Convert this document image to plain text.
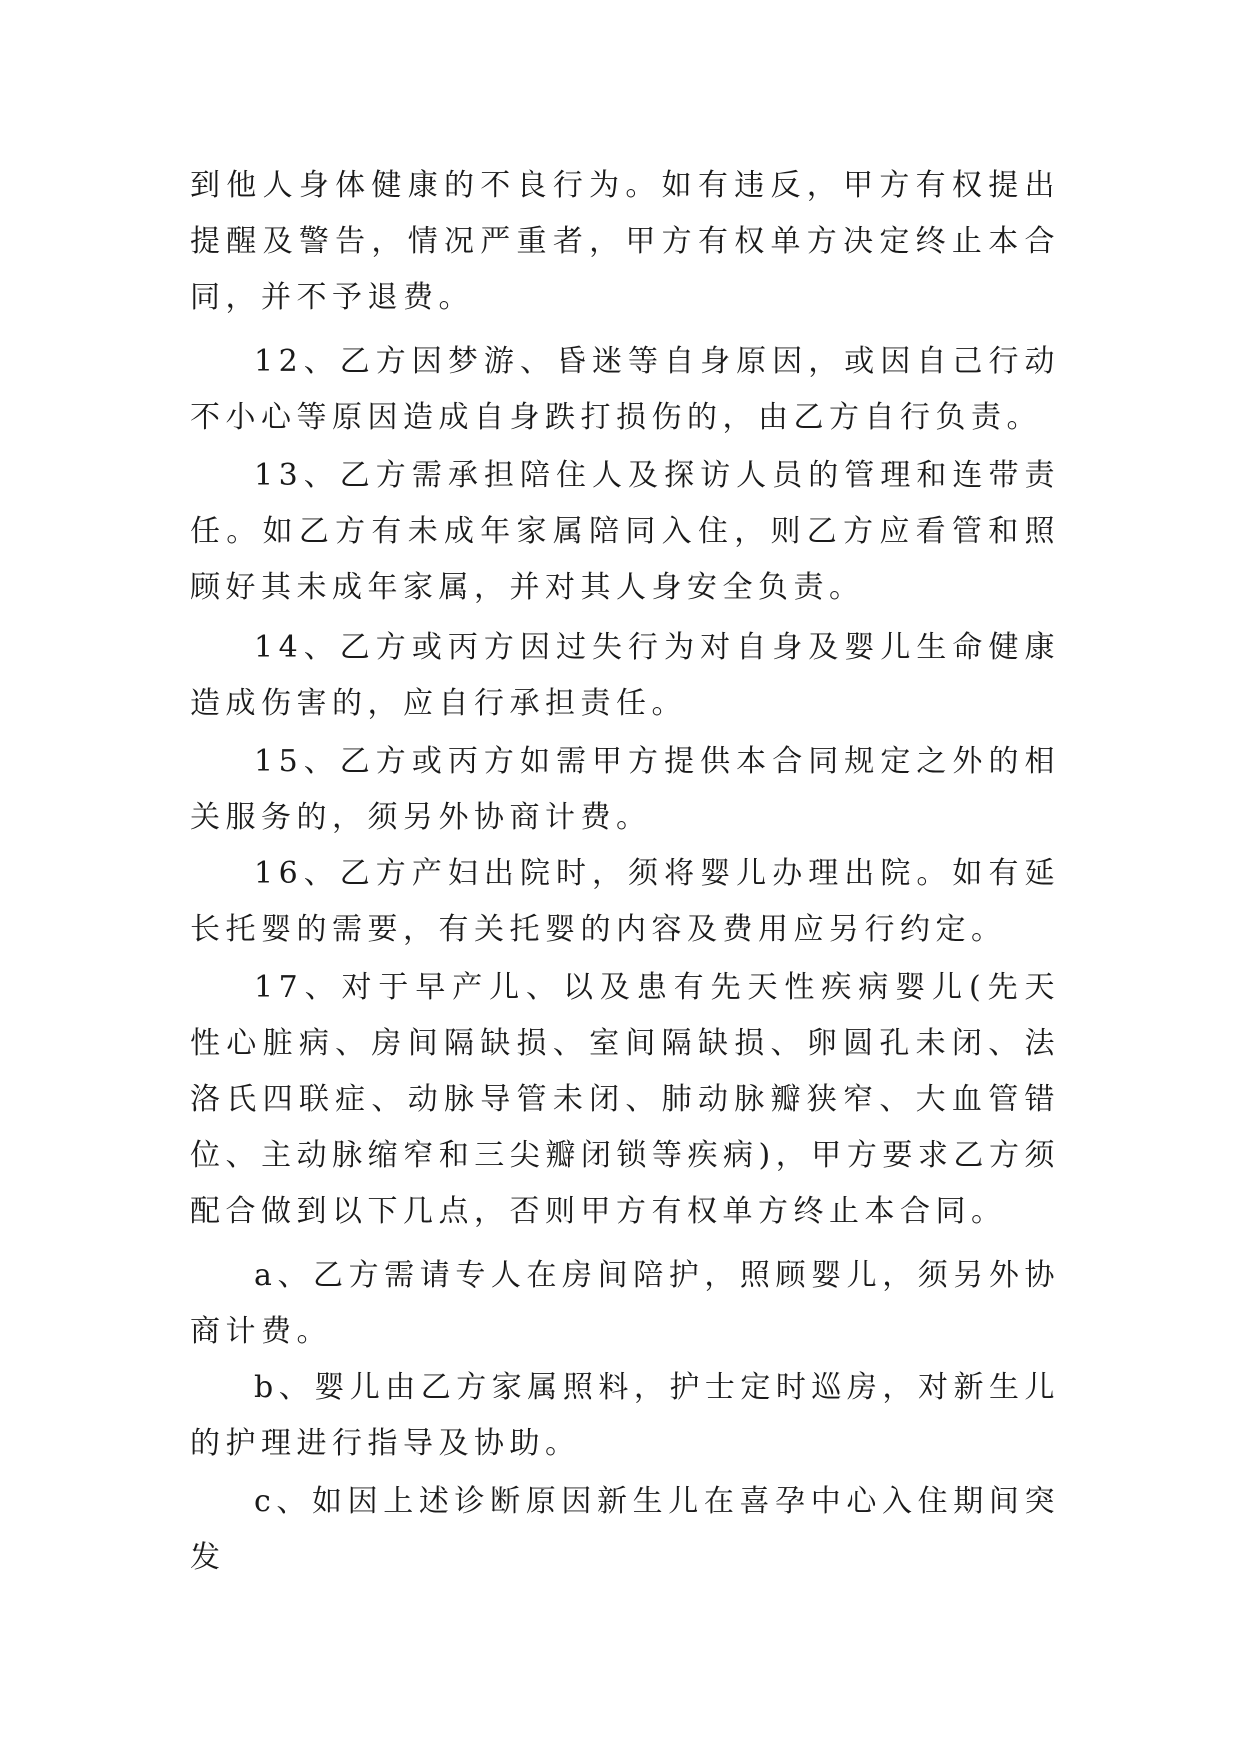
到他人身体健康的不良行为。如有违反，甲方有权提出提醒及警告，情况严重者，甲方有权单方决定终止本合同，并不予退费。

12、乙方因梦游、昏迷等自身原因，或因自己行动不小心等原因造成自身跌打损伤的，由乙方自行负责。

13、乙方需承担陪住人及探访人员的管理和连带责任。如乙方有未成年家属陪同入住，则乙方应看管和照顾好其未成年家属，并对其人身安全负责。

14、乙方或丙方因过失行为对自身及婴儿生命健康造成伤害的，应自行承担责任。

15、乙方或丙方如需甲方提供本合同规定之外的相关服务的，须另外协商计费。

16、乙方产妇出院时，须将婴儿办理出院。如有延长托婴的需要，有关托婴的内容及费用应另行约定。

17、对于早产儿、以及患有先天性疾病婴儿(先天性心脏病、房间隔缺损、室间隔缺损、卵圆孔未闭、法洛氏四联症、动脉导管未闭、肺动脉瓣狭窄、大血管错位、主动脉缩窄和三尖瓣闭锁等疾病)，甲方要求乙方须配合做到以下几点，否则甲方有权单方终止本合同。

a、乙方需请专人在房间陪护，照顾婴儿，须另外协商计费。

b、婴儿由乙方家属照料，护士定时巡房，对新生儿的护理进行指导及协助。

c、如因上述诊断原因新生儿在喜孕中心入住期间突发
